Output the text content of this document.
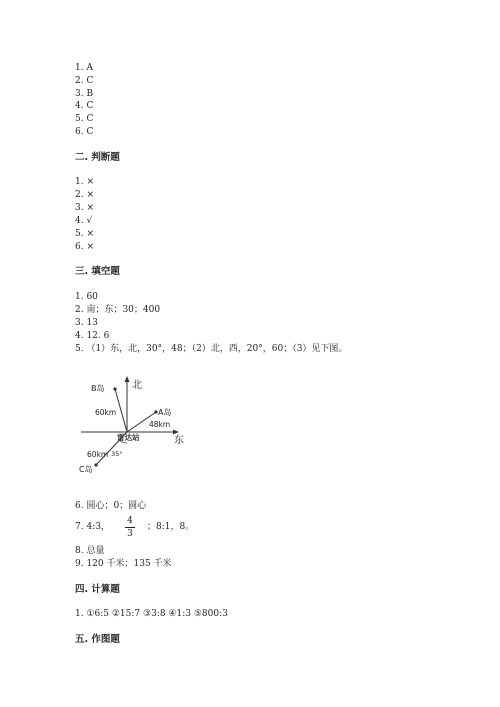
1. A
2. C
3. B
4. C
5. C
6. C
二. 判断题
1. ×
2. ×
3. ×
4. √
5. ×
6. ×
三. 填空题
1. 60
2. 南；东；30；400
3. 13
4. 12. 6
5. （1）东，北，30°，48；（2）北，西，20°，60；（3）见下图。
北
东
B岛
60km	A岛
48km
雷达站
60km 35°
C岛
6. 圆心；0；圆心
7. 4:3，
4
3
；8:1，8。
8. 总量
9. 120 千米；135 千米
四. 计算题
1. ①6:5 ②15:7 ③3:8 ④1:3 ⑤800:3
五. 作图题
